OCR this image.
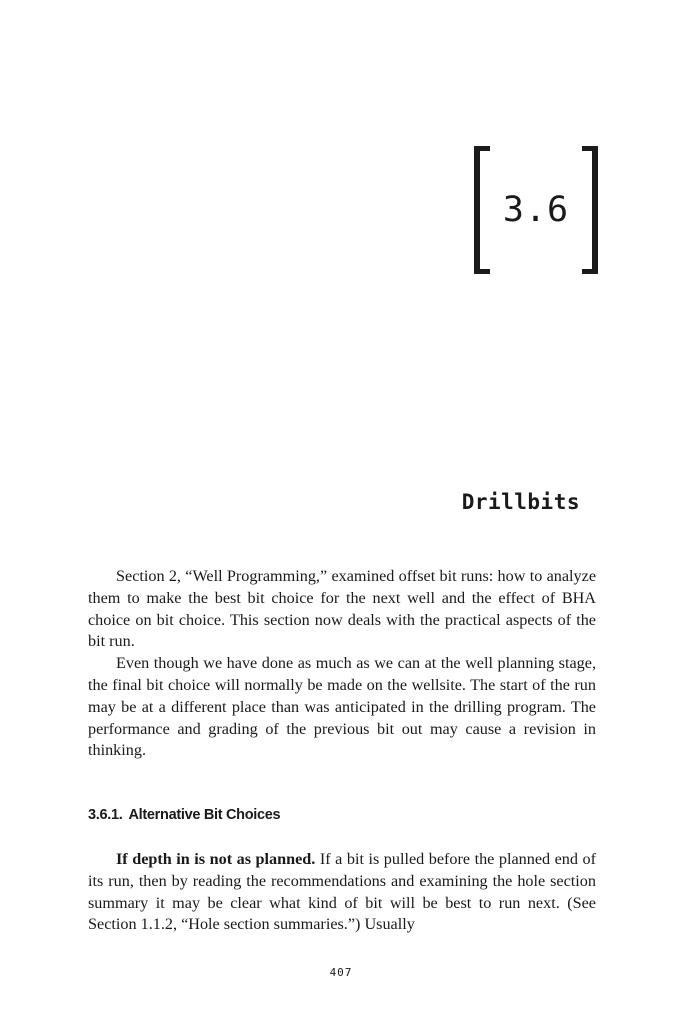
3.6
Drillbits

Section 2, “Well Programming,” examined offset bit runs: how to analyze them to make the best bit choice for the next well and the effect of BHA choice on bit choice. This section now deals with the practical aspects of the bit run.

Even though we have done as much as we can at the well planning stage, the final bit choice will normally be made on the wellsite. The start of the run may be at a different place than was anticipated in the drilling program. The performance and grading of the previous bit out may cause a revision in thinking.

3.6.1. Alternative Bit Choices

If depth in is not as planned. If a bit is pulled before the planned end of its run, then by reading the recommendations and examining the hole section summary it may be clear what kind of bit will be best to run next. (See Section 1.1.2, “Hole section summaries.”) Usually

407
